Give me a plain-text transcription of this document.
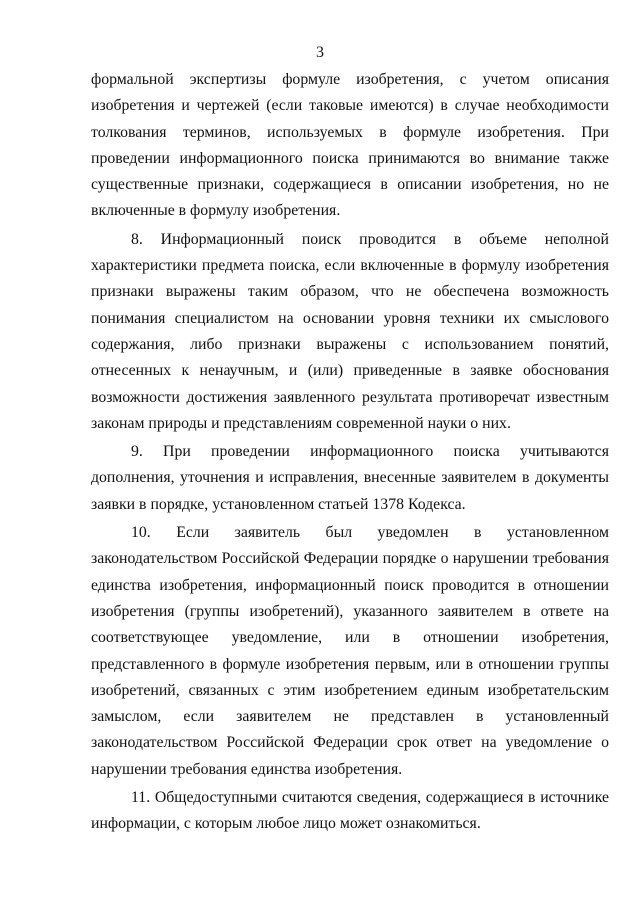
3

формальной экспертизы формуле изобретения, с учетом описания изобретения и чертежей (если таковые имеются) в случае необходимости толкования терминов, используемых в формуле изобретения. При проведении информационного поиска принимаются во внимание также существенные признаки, содержащиеся в описании изобретения, но не включенные в формулу изобретения.

8. Информационный поиск проводится в объеме неполной характеристики предмета поиска, если включенные в формулу изобретения признаки выражены таким образом, что не обеспечена возможность понимания специалистом на основании уровня техники их смыслового содержания, либо признаки выражены с использованием понятий, отнесенных к ненаучным, и (или) приведенные в заявке обоснования возможности достижения заявленного результата противоречат известным законам природы и представлениям современной науки о них.

9. При проведении информационного поиска учитываются дополнения, уточнения и исправления, внесенные заявителем в документы заявки в порядке, установленном статьей 1378 Кодекса.

10. Если заявитель был уведомлен в установленном законодательством Российской Федерации порядке о нарушении требования единства изобретения, информационный поиск проводится в отношении изобретения (группы изобретений), указанного заявителем в ответе на соответствующее уведомление, или в отношении изобретения, представленного в формуле изобретения первым, или в отношении группы изобретений, связанных с этим изобретением единым изобретательским замыслом, если заявителем не представлен в установленный законодательством Российской Федерации срок ответ на уведомление о нарушении требования единства изобретения.

11. Общедоступными считаются сведения, содержащиеся в источнике информации, с которым любое лицо может ознакомиться.
